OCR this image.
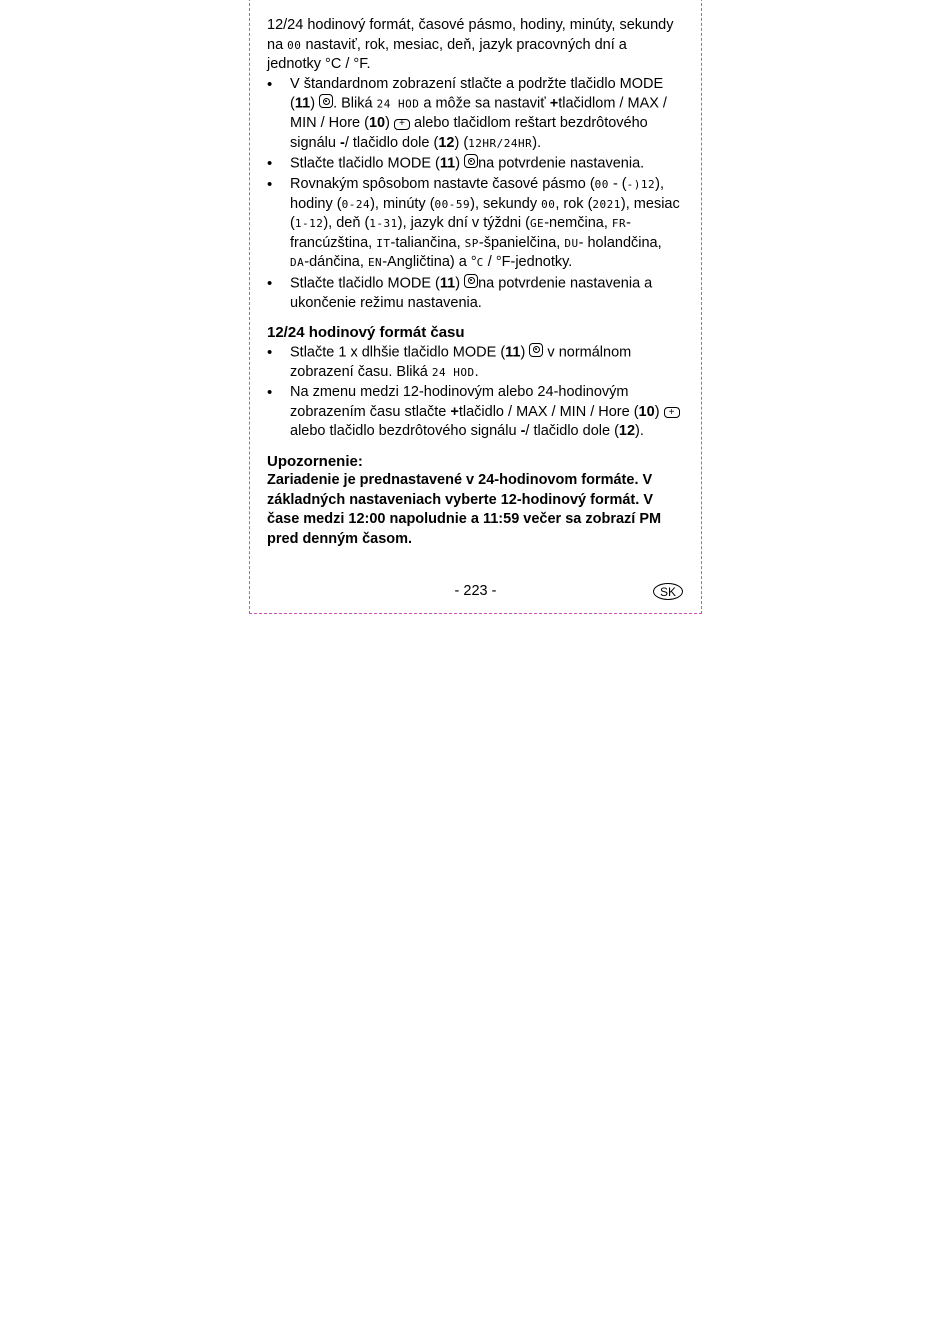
12/24 hodinový formát, časové pásmo, hodiny, minúty, sekundy na 00 nastaviť, rok, mesiac, deň, jazyk pracovných dní a jednotky °C / °F.

• V štandardnom zobrazení stlačte a podržte tlačidlo MODE (11) . Bliká 24 HOD a môže sa nastaviť +tlačidlom / MAX / MIN / Hore (10) + alebo tlačidlom reštart bezdrôtového signálu -/ tlačidlo dole (12) (12HR/24HR).
• Stlačte tlačidlo MODE (11) na potvrdenie nastavenia.
• Rovnakým spôsobom nastavte časové pásmo (00 - (-)12), hodiny (0-24), minúty (00-59), sekundy 00, rok (2021), mesiac (1-12), deň (1-31), jazyk dní v týždni (GE-nemčina, FR-francúzština, IT-taliančina, SP-španielčina, DU- holandčina, DA-dánčina, EN-Angličtina) a °C / °F-jednotky.
• Stlačte tlačidlo MODE (11) na potvrdenie nastavenia a ukončenie režimu nastavenia.

12/24 hodinový formát času

• Stlačte 1 x dlhšie tlačidlo MODE (11) v normálnom zobrazení času. Bliká 24 HOD.
• Na zmenu medzi 12-hodinovým alebo 24-hodinovým zobrazením času stlačte +tlačidlo / MAX / MIN / Hore (10) + alebo tlačidlo bezdrôtového signálu -/ tlačidlo dole (12).

Upozornenie:

Zariadenie je prednastavené v 24-hodinovom formáte. V základných nastaveniach vyberte 12-hodinový formát. V čase medzi 12:00 napoludnie a 11:59 večer sa zobrazí PM pred denným časom.

- 223 -	SK
